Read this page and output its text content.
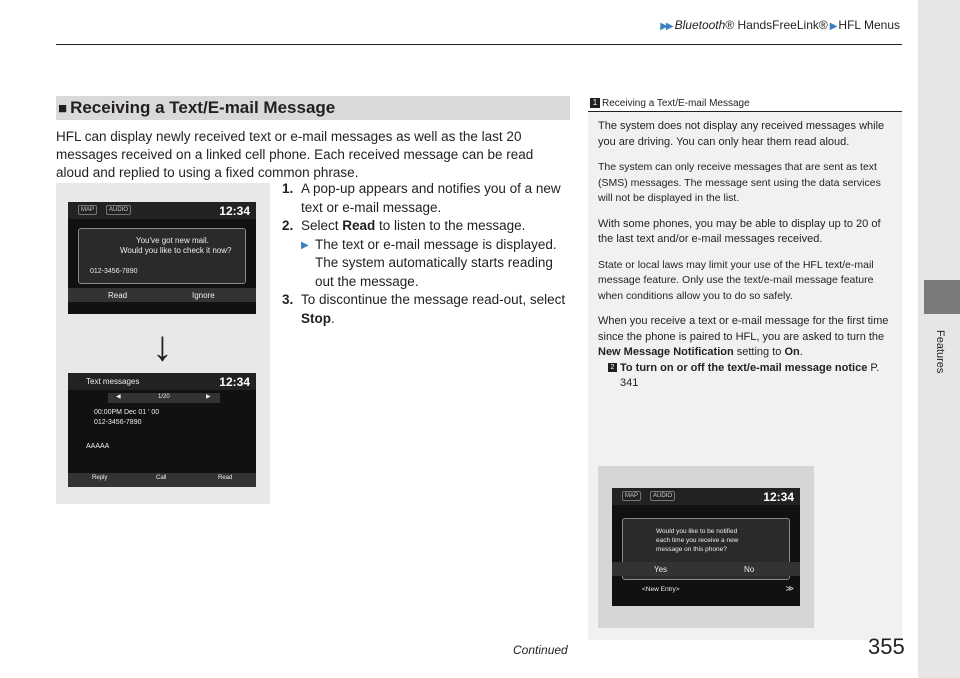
▶▶ Bluetooth® HandsFreeLink® ▶ HFL Menus
Features
■ Receiving a Text/E-mail Message
HFL can display newly received text or e-mail messages as well as the last 20 messages received on a linked cell phone. Each received message can be read aloud and replied to using a fixed common phrase.
MAP	AUDIO	12:34
You've got new mail.
Would you like to check it now?
012-3456-7890
Read	Ignore
↓
Text messages	12:34
◀	1/20	▶
00:00PM Dec 01 ' 00
012-3456-7890
AAAAA
Reply	Call	Read
1. A pop-up appears and notifies you of a new text or e-mail message.
2. Select Read to listen to the message.
▶ The text or e-mail message is displayed. The system automatically starts reading out the message.
3. To discontinue the message read-out, select Stop.
1 Receiving a Text/E-mail Message

The system does not display any received messages while you are driving. You can only hear them read aloud.

The system can only receive messages that are sent as text (SMS) messages. The message sent using the data services will not be displayed in the list.

With some phones, you may be able to display up to 20 of the last text and/or e-mail messages received.

State or local laws may limit your use of the HFL text/e-mail message feature. Only use the text/e-mail message feature when conditions allow you to do so safely.

When you receive a text or e-mail message for the first time since the phone is paired to HFL, you are asked to turn the New Message Notification setting to On.

2 To turn on or off the text/e-mail message notice P. 341
MAP	AUDIO	12:34
Would you like to be notified
each time you receive a new
message on this phone?
Yes	No
<New Entry>	≫
Continued	355
